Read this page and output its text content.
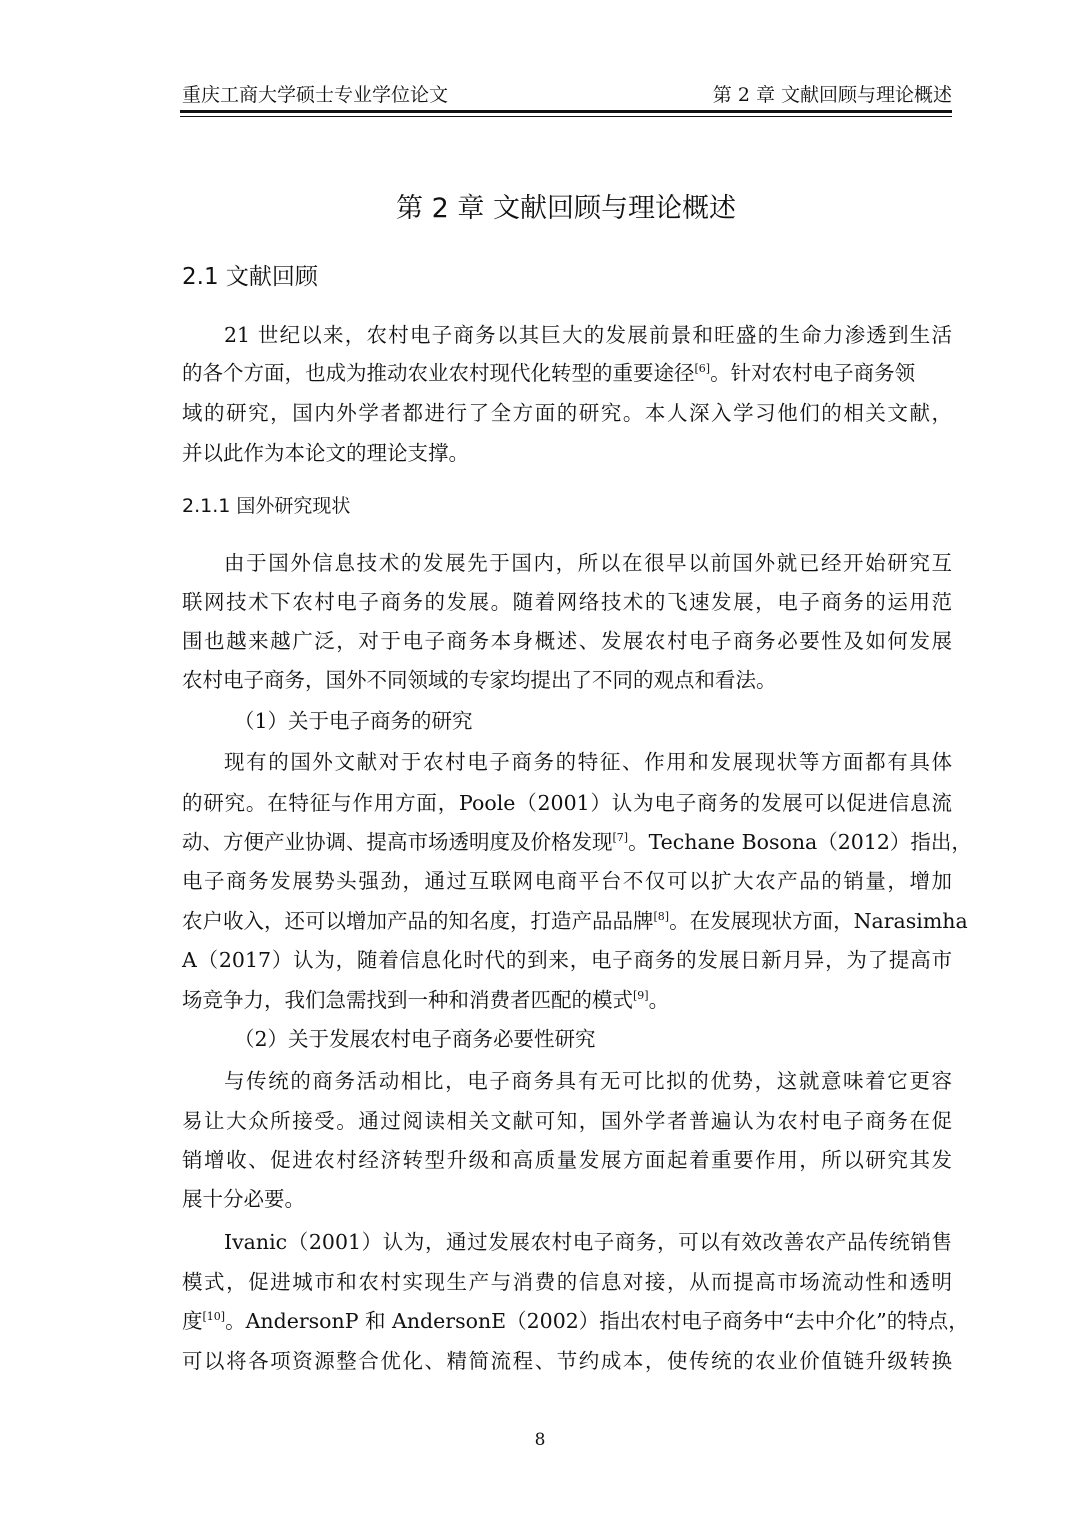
重庆工商大学硕士专业学位论文	第 2 章 文献回顾与理论概述
第 2 章 文献回顾与理论概述
2.1 文献回顾
21 世纪以来，农村电子商务以其巨大的发展前景和旺盛的生命力渗透到生活
的各个方面，也成为推动农业农村现代化转型的重要途径[6]。针对农村电子商务领
域的研究，国内外学者都进行了全方面的研究。本人深入学习他们的相关文献，
并以此作为本论文的理论支撑。
2.1.1 国外研究现状
由于国外信息技术的发展先于国内，所以在很早以前国外就已经开始研究互
联网技术下农村电子商务的发展。随着网络技术的飞速发展，电子商务的运用范
围也越来越广泛，对于电子商务本身概述、发展农村电子商务必要性及如何发展
农村电子商务，国外不同领域的专家均提出了不同的观点和看法。
（1）关于电子商务的研究
现有的国外文献对于农村电子商务的特征、作用和发展现状等方面都有具体
的研究。在特征与作用方面，Poole（2001）认为电子商务的发展可以促进信息流
动、方便产业协调、提高市场透明度及价格发现[7]。Techane Bosona（2012）指出，
电子商务发展势头强劲，通过互联网电商平台不仅可以扩大农产品的销量，增加
农户收入，还可以增加产品的知名度，打造产品品牌[8]。在发展现状方面，Narasimha
A（2017）认为，随着信息化时代的到来，电子商务的发展日新月异，为了提高市
场竞争力，我们急需找到一种和消费者匹配的模式[9]。
（2）关于发展农村电子商务必要性研究
与传统的商务活动相比，电子商务具有无可比拟的优势，这就意味着它更容
易让大众所接受。通过阅读相关文献可知，国外学者普遍认为农村电子商务在促
销增收、促进农村经济转型升级和高质量发展方面起着重要作用，所以研究其发
展十分必要。
Ivanic（2001）认为，通过发展农村电子商务，可以有效改善农产品传统销售
模式，促进城市和农村实现生产与消费的信息对接，从而提高市场流动性和透明
度[10]。AndersonP 和 AndersonE（2002）指出农村电子商务中“去中介化”的特点，
可以将各项资源整合优化、精简流程、节约成本，使传统的农业价值链升级转换
8
